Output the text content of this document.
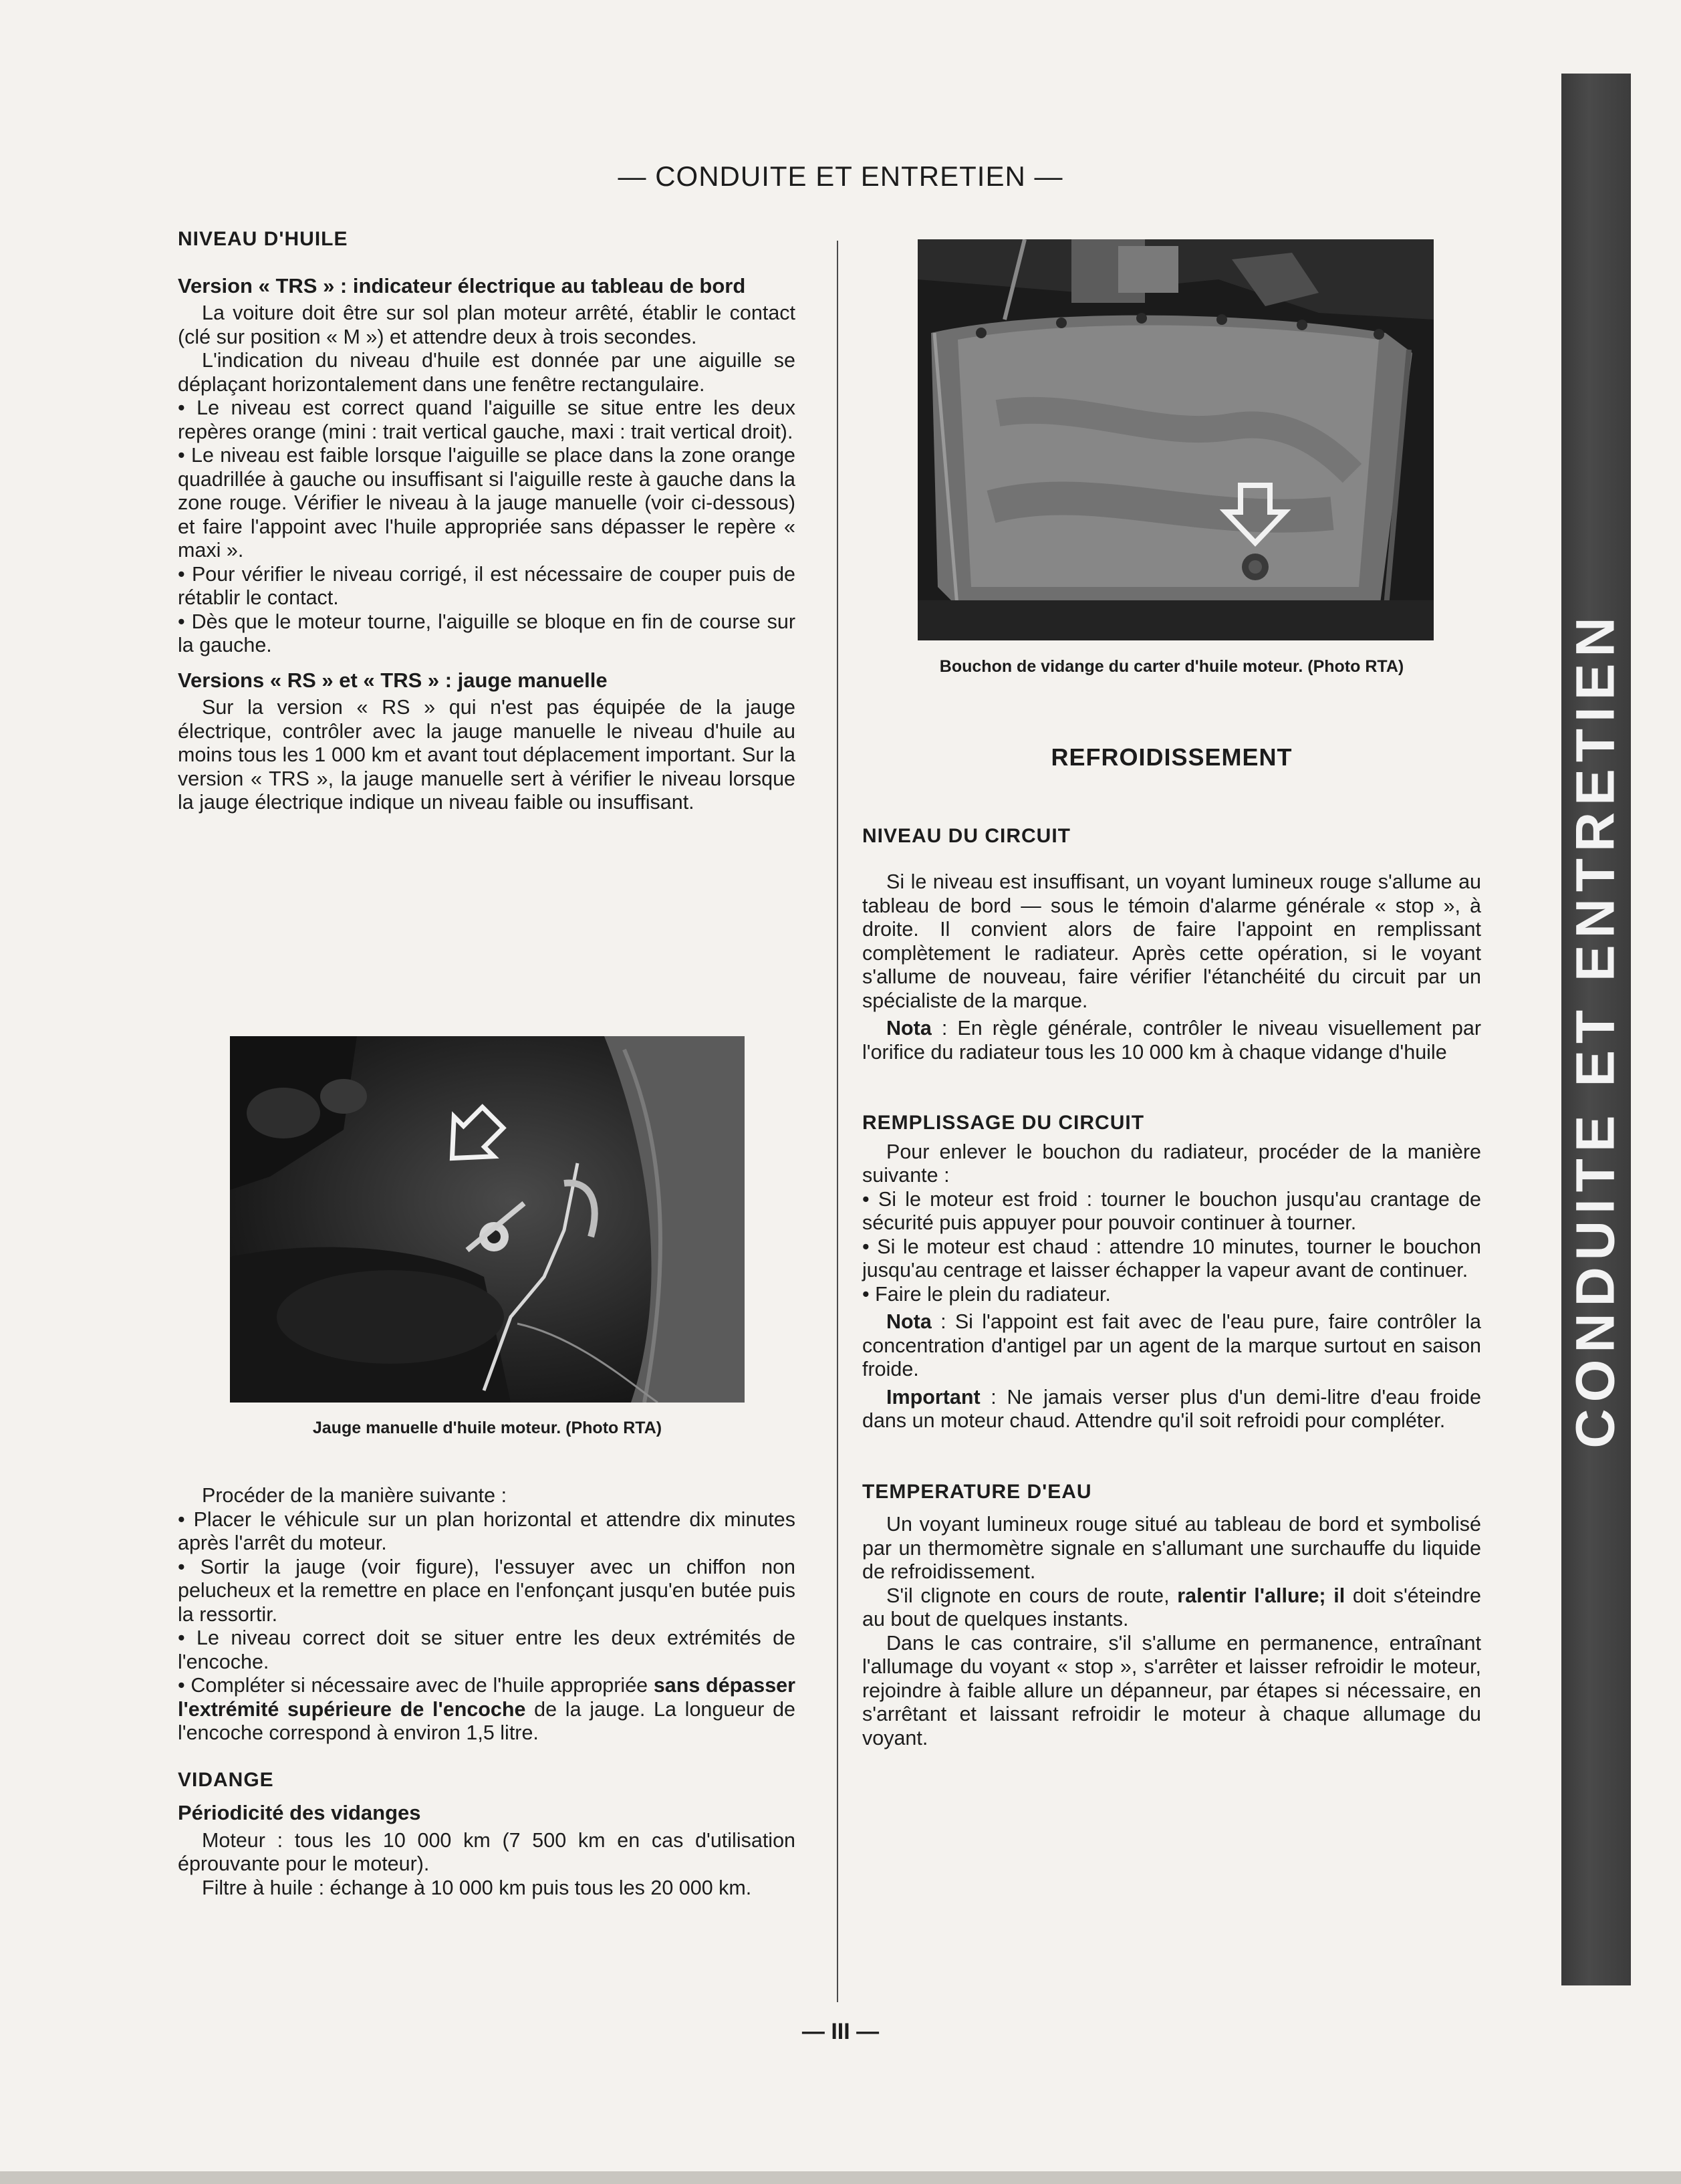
CONDUITE ET ENTRETIEN
— CONDUITE ET ENTRETIEN —

NIVEAU D'HUILE

Version « TRS » : indicateur électrique au tableau de bord

La voiture doit être sur sol plan moteur arrêté, établir le contact (clé sur position « M ») et attendre deux à trois secondes.

L'indication du niveau d'huile est donnée par une aiguille se déplaçant horizontalement dans une fenêtre rectangulaire.

• Le niveau est correct quand l'aiguille se situe entre les deux repères orange (mini : trait vertical gauche, maxi : trait vertical droit).

• Le niveau est faible lorsque l'aiguille se place dans la zone orange quadrillée à gauche ou insuffisant si l'aiguille reste à gauche dans la zone rouge. Vérifier le niveau à la jauge manuelle (voir ci-dessous) et faire l'appoint avec l'huile appropriée sans dépasser le repère « maxi ».

• Pour vérifier le niveau corrigé, il est nécessaire de couper puis de rétablir le contact.

• Dès que le moteur tourne, l'aiguille se bloque en fin de course sur la gauche.

Versions « RS » et « TRS » : jauge manuelle

Sur la version « RS » qui n'est pas équipée de la jauge électrique, contrôler avec la jauge manuelle le niveau d'huile au moins tous les 1 000 km et avant tout déplacement important. Sur la version « TRS », la jauge manuelle sert à vérifier le niveau lorsque la jauge électrique indique un niveau faible ou insuffisant.

Jauge manuelle d'huile moteur. (Photo RTA)

Procéder de la manière suivante :

• Placer le véhicule sur un plan horizontal et attendre dix minutes après l'arrêt du moteur.

• Sortir la jauge (voir figure), l'essuyer avec un chiffon non pelucheux et la remettre en place en l'enfonçant jusqu'en butée puis la ressortir.

• Le niveau correct doit se situer entre les deux extrémités de l'encoche.

• Compléter si nécessaire avec de l'huile appropriée sans dépasser l'extrémité supérieure de l'encoche de la jauge. La longueur de l'encoche correspond à environ 1,5 litre.

VIDANGE

Périodicité des vidanges

Moteur : tous les 10 000 km (7 500 km en cas d'utilisation éprouvante pour le moteur).

Filtre à huile : échange à 10 000 km puis tous les 20 000 km.

Bouchon de vidange du carter d'huile moteur. (Photo RTA)

REFROIDISSEMENT

NIVEAU DU CIRCUIT

Si le niveau est insuffisant, un voyant lumineux rouge s'allume au tableau de bord — sous le témoin d'alarme générale « stop », à droite. Il convient alors de faire l'appoint en remplissant complètement le radiateur. Après cette opération, si le voyant s'allume de nouveau, faire vérifier l'étanchéité du circuit par un spécialiste de la marque.

Nota : En règle générale, contrôler le niveau visuellement par l'orifice du radiateur tous les 10 000 km à chaque vidange d'huile

REMPLISSAGE DU CIRCUIT

Pour enlever le bouchon du radiateur, procéder de la manière suivante :

• Si le moteur est froid : tourner le bouchon jusqu'au crantage de sécurité puis appuyer pour pouvoir continuer à tourner.

• Si le moteur est chaud : attendre 10 minutes, tourner le bouchon jusqu'au centrage et laisser échapper la vapeur avant de continuer.

• Faire le plein du radiateur.

Nota : Si l'appoint est fait avec de l'eau pure, faire contrôler la concentration d'antigel par un agent de la marque surtout en saison froide.

Important : Ne jamais verser plus d'un demi-litre d'eau froide dans un moteur chaud. Attendre qu'il soit refroidi pour compléter.

TEMPERATURE D'EAU

Un voyant lumineux rouge situé au tableau de bord et symbolisé par un thermomètre signale en s'allumant une surchauffe du liquide de refroidissement.

S'il clignote en cours de route, ralentir l'allure; il doit s'éteindre au bout de quelques instants.

Dans le cas contraire, s'il s'allume en permanence, entraînant l'allumage du voyant « stop », s'arrêter et laisser refroidir le moteur, rejoindre à faible allure un dépanneur, par étapes si nécessaire, en s'arrêtant et laissant refroidir le moteur à chaque allumage du voyant.

— III —
